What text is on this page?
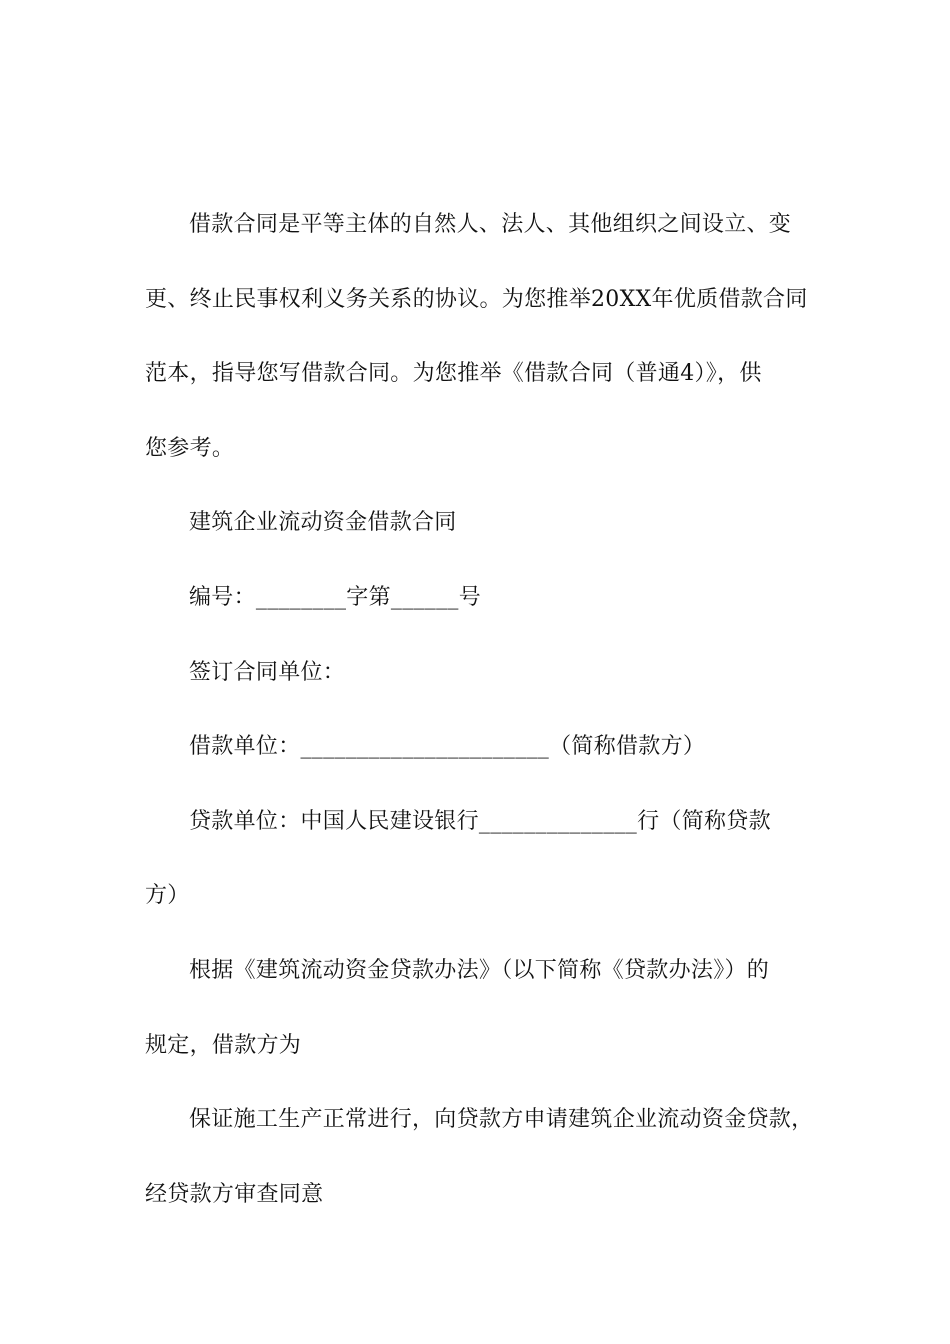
借款合同是平等主体的自然人、法人、其他组织之间设立、变
更、终止民事权利义务关系的协议。为您推举20XX年优质借款合同
范本，指导您写借款合同。为您推举《借款合同（普通4）》，供
您参考。
建筑企业流动资金借款合同
编号：________字第______号
签订合同单位：
借款单位：______________________（简称借款方）
贷款单位：中国人民建设银行______________行（简称贷款
方）
根据《建筑流动资金贷款办法》（以下简称《贷款办法》）的
规定，借款方为
保证施工生产正常进行，向贷款方申请建筑企业流动资金贷款，
经贷款方审查同意
